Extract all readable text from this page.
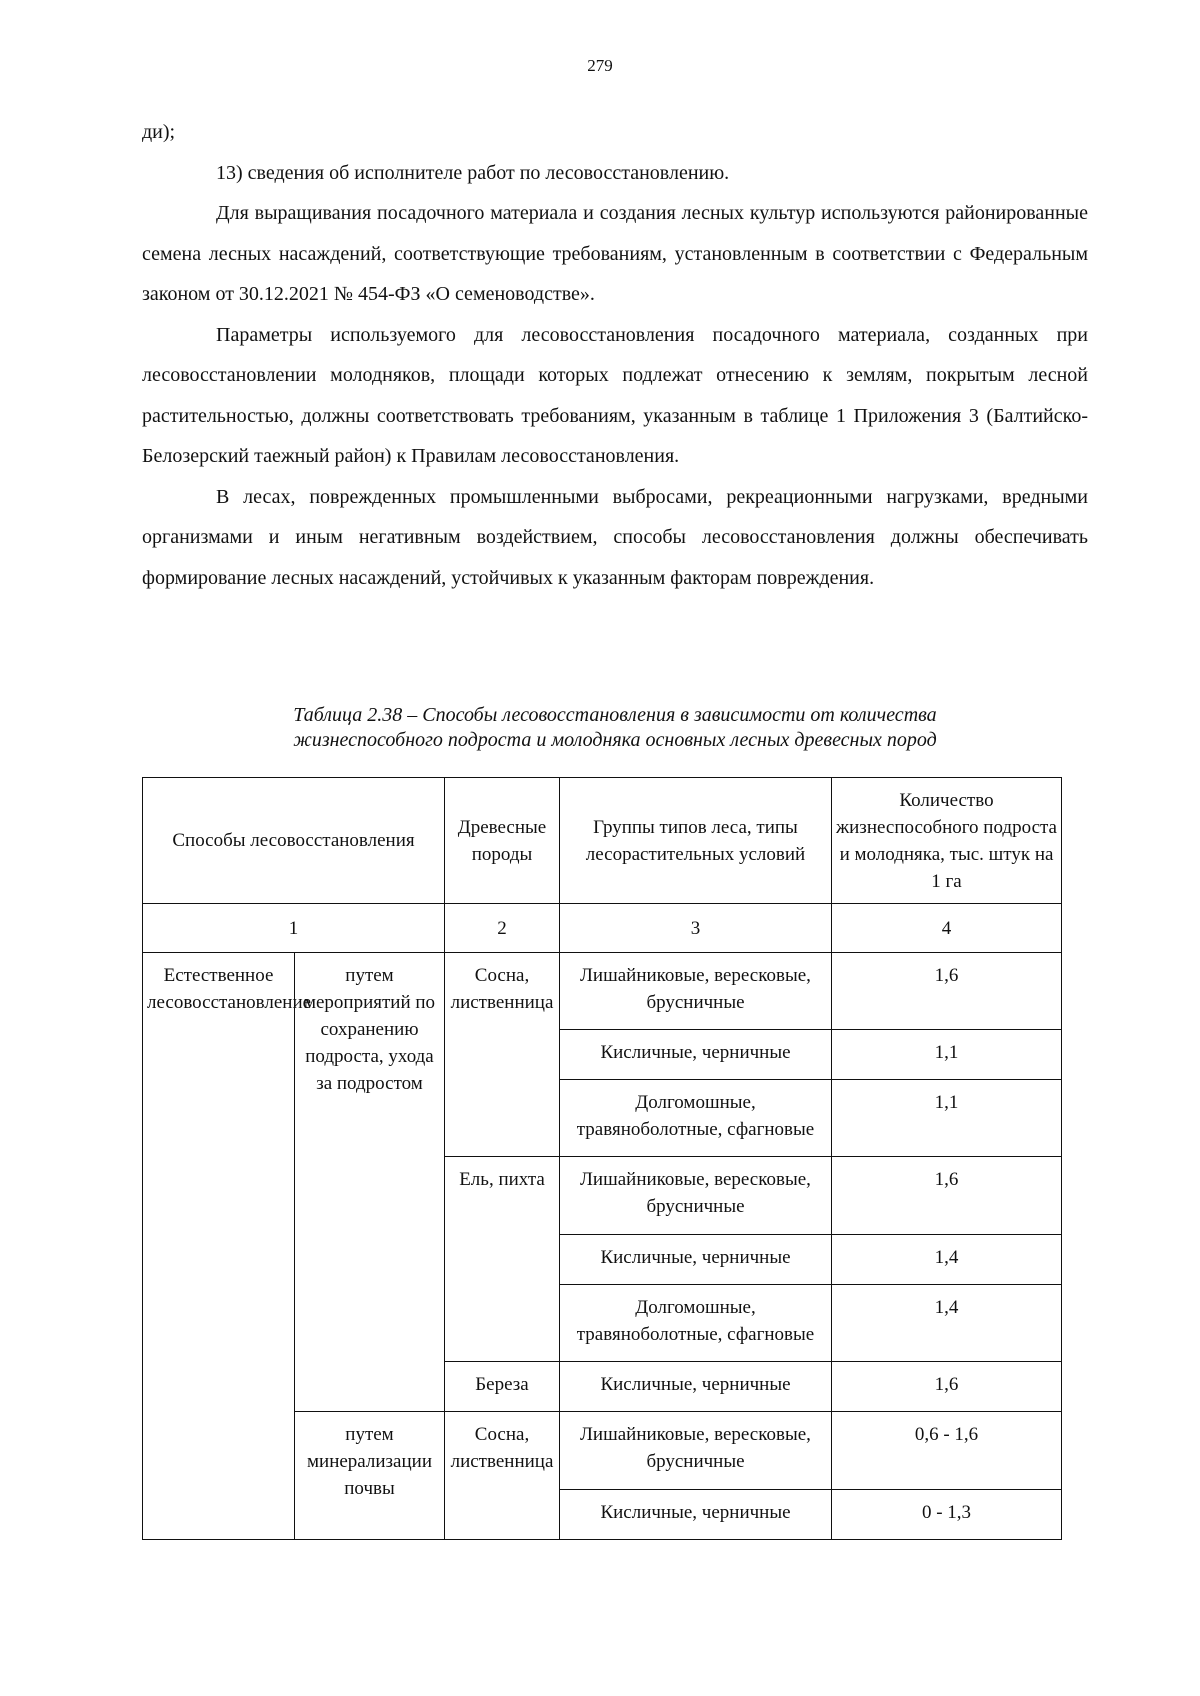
279

ди);

13) сведения об исполнителе работ по лесовосстановлению.

Для выращивания посадочного материала и создания лесных культур используются районированные семена лесных насаждений, соответствующие требованиям, установленным в соответствии с Федеральным законом от 30.12.2021 № 454-ФЗ «О семеноводстве».

Параметры используемого для лесовосстановления посадочного материала, созданных при лесовосстановлении молодняков, площади которых подлежат отнесению к землям, покрытым лесной растительностью, должны соответствовать требованиям, указанным в таблице 1 Приложения 3 (Балтийско-Белозерский таежный район) к Правилам лесовосстановления.

В лесах, поврежденных промышленными выбросами, рекреационными нагрузками, вредными организмами и иным негативным воздействием, способы лесовосстановления должны обеспечивать формирование лесных насаждений, устойчивых к указанным факторам повреждения.

Таблица 2.38 – Способы лесовосстановления в зависимости от количества
жизнеспособного подроста и молодняка основных лесных древесных пород
Способы лесовосстановления		Древесные породы	Группы типов леса, типы лесорастительных условий	Количество жизнеспособного подроста и молодняка, тыс. штук на 1 га
1		2	3	4
Естественное лесовосстановление	путем мероприятий по сохранению подроста, ухода за подростом	Сосна, лиственница	Лишайниковые, вересковые, брусничные	1,6
			Кисличные, черничные	1,1
			Долгомошные, травяноболотные, сфагновые	1,1
		Ель, пихта	Лишайниковые, вересковые, брусничные	1,6
			Кисличные, черничные	1,4
			Долгомошные, травяноболотные, сфагновые	1,4
		Береза	Кисличные, черничные	1,6
	путем минерализации почвы	Сосна, лиственница	Лишайниковые, вересковые, брусничные	0,6 - 1,6
			Кисличные, черничные	0 - 1,3
